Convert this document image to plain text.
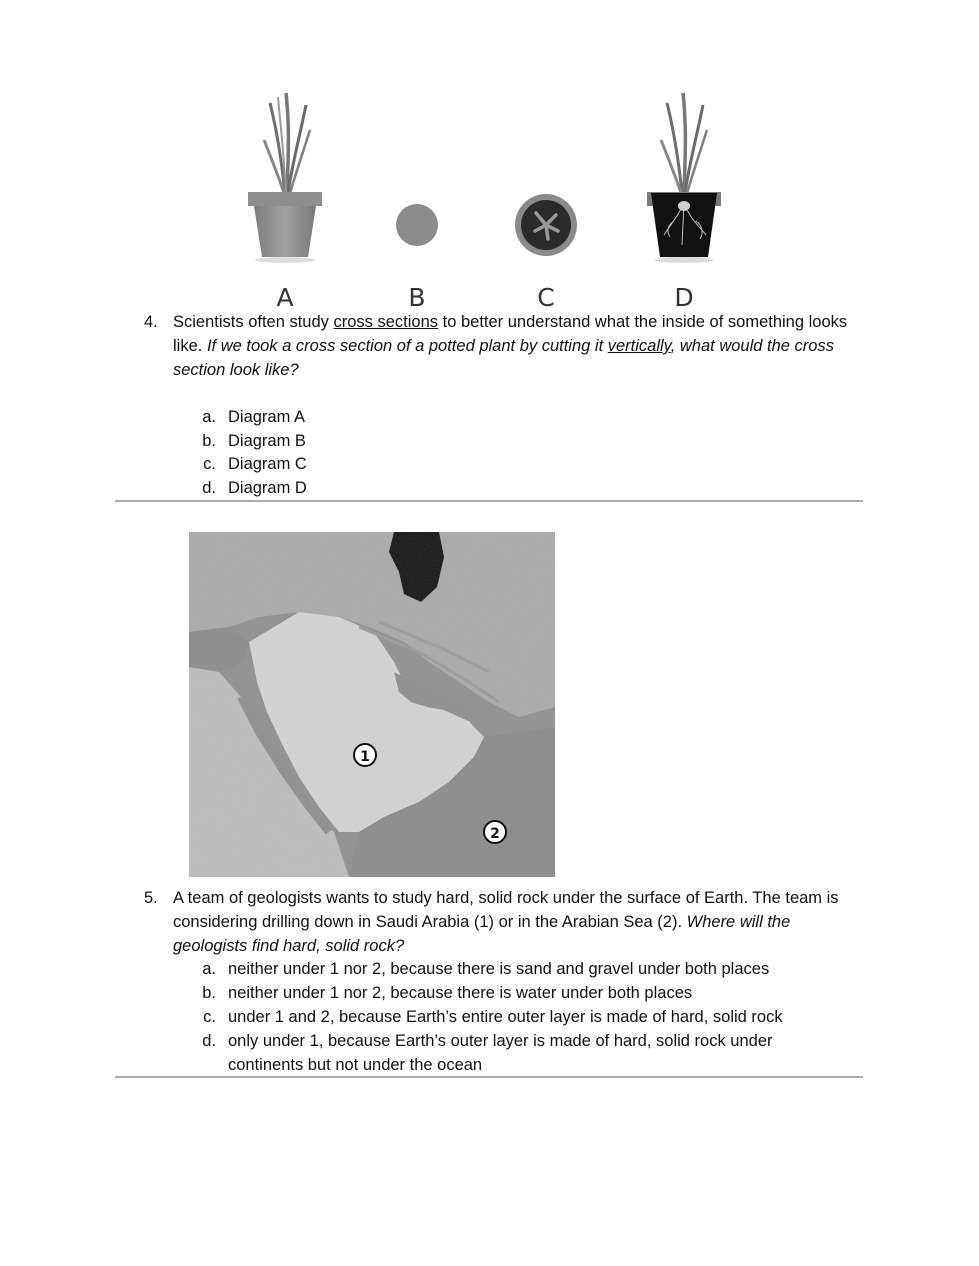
A	B	C	D
4. Scientists often study cross sections to better understand what the inside of something looks like. If we took a cross section of a potted plant by cutting it vertically, what would the cross section look like?
a. Diagram A
b. Diagram B
c. Diagram C
d. Diagram D
1
2
5. A team of geologists wants to study hard, solid rock under the surface of Earth. The team is considering drilling down in Saudi Arabia (1) or in the Arabian Sea (2). Where will the geologists find hard, solid rock?
a. neither under 1 nor 2, because there is sand and gravel under both places
b. neither under 1 nor 2, because there is water under both places
c. under 1 and 2, because Earth’s entire outer layer is made of hard, solid rock
d. only under 1, because Earth’s outer layer is made of hard, solid rock under continents but not under the ocean
